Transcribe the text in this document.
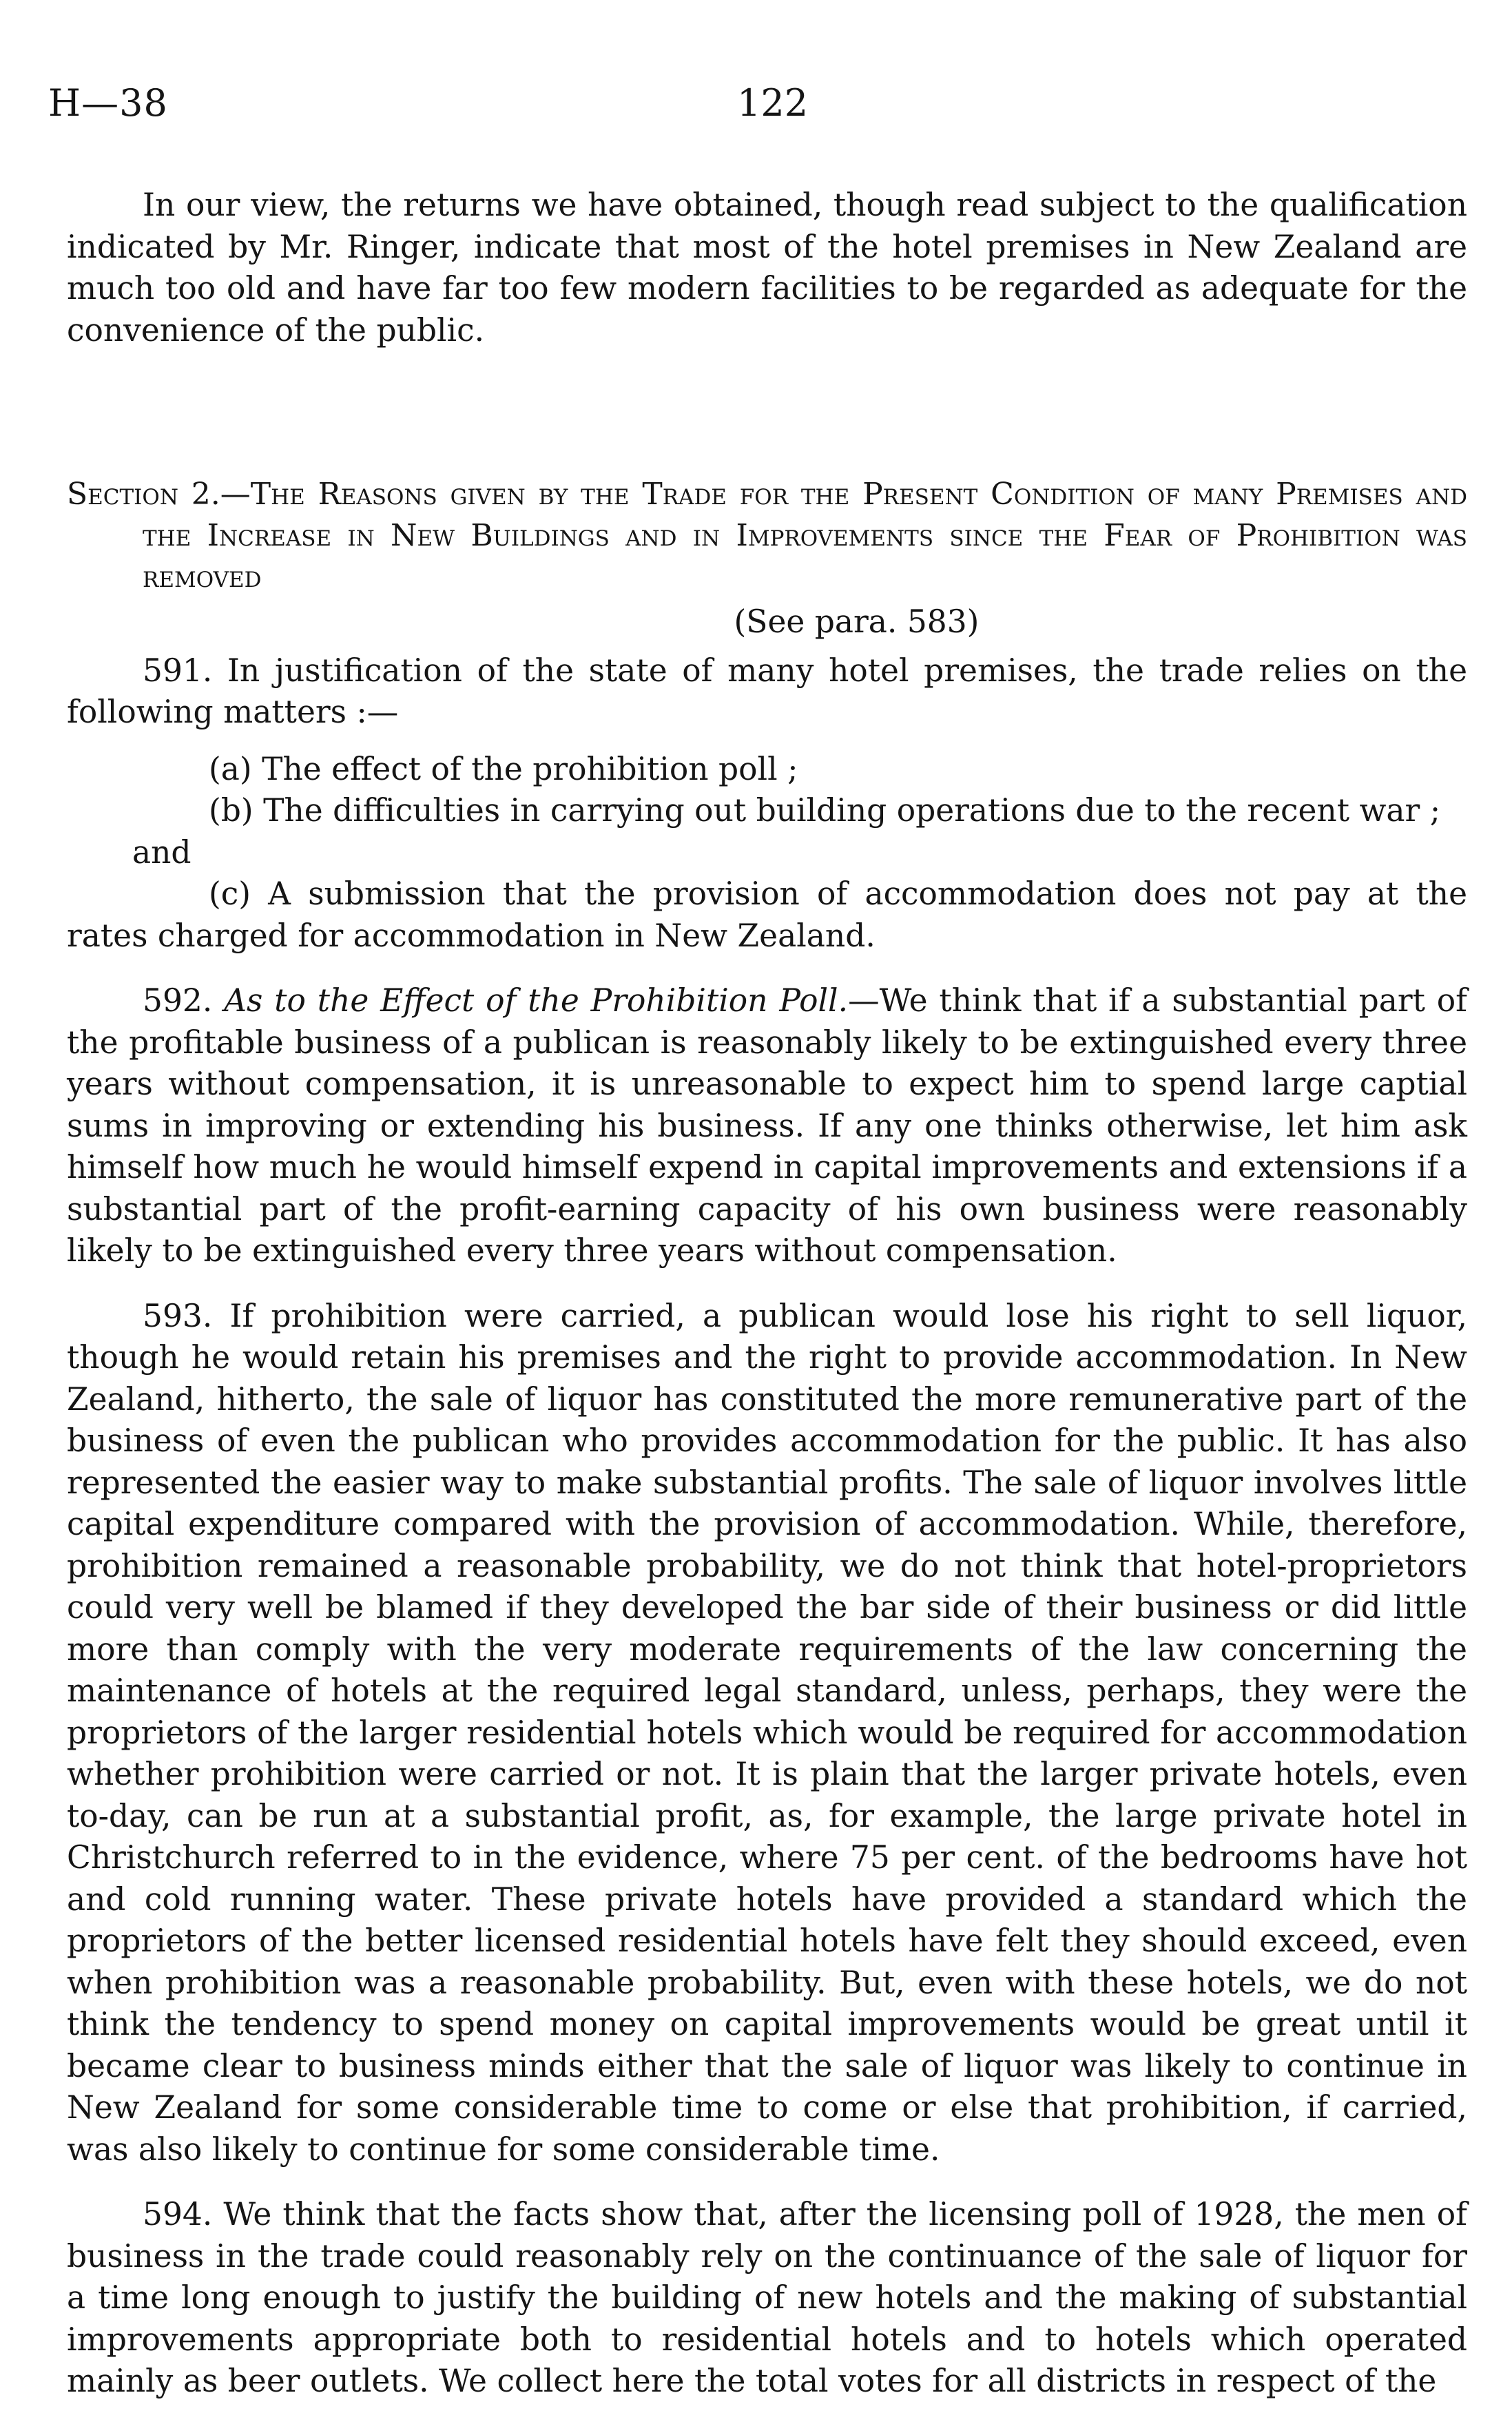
H—38	122

In our view, the returns we have obtained, though read subject to the qualification indicated by Mr. Ringer, indicate that most of the hotel premises in New Zealand are much too old and have far too few modern facilities to be regarded as adequate for the convenience of the public.

Section 2.—The Reasons given by the Trade for the Present Condition of many Premises and the Increase in New Buildings and in Improvements since the Fear of Prohibition was removed

(See para. 583)

591. In justification of the state of many hotel premises, the trade relies on the following matters :—

(a) The effect of the prohibition poll ;

(b) The difficulties in carrying out building operations due to the recent war ;

and

(c) A submission that the provision of accommodation does not pay at the rates charged for accommodation in New Zealand.

592. As to the Effect of the Prohibition Poll.—We think that if a substantial part of the profitable business of a publican is reasonably likely to be extinguished every three years without compensation, it is unreasonable to expect him to spend large captial sums in improving or extending his business. If any one thinks otherwise, let him ask himself how much he would himself expend in capital improvements and extensions if a substantial part of the profit-earning capacity of his own business were reasonably likely to be extinguished every three years without compensation.

593. If prohibition were carried, a publican would lose his right to sell liquor, though he would retain his premises and the right to provide accommodation. In New Zealand, hitherto, the sale of liquor has constituted the more remunerative part of the business of even the publican who provides accommodation for the public. It has also represented the easier way to make substantial profits. The sale of liquor involves little capital expenditure compared with the provision of accommodation. While, therefore, prohibition remained a reasonable probability, we do not think that hotel-proprietors could very well be blamed if they developed the bar side of their business or did little more than comply with the very moderate requirements of the law concerning the maintenance of hotels at the required legal standard, unless, perhaps, they were the proprietors of the larger residential hotels which would be required for accommodation whether prohibition were carried or not. It is plain that the larger private hotels, even to-day, can be run at a substantial profit, as, for example, the large private hotel in Christchurch referred to in the evidence, where 75 per cent. of the bedrooms have hot and cold running water. These private hotels have provided a standard which the proprietors of the better licensed residential hotels have felt they should exceed, even when prohibition was a reasonable probability. But, even with these hotels, we do not think the tendency to spend money on capital improvements would be great until it became clear to business minds either that the sale of liquor was likely to continue in New Zealand for some considerable time to come or else that prohibition, if carried, was also likely to continue for some considerable time.

594. We think that the facts show that, after the licensing poll of 1928, the men of business in the trade could reasonably rely on the continuance of the sale of liquor for a time long enough to justify the building of new hotels and the making of substantial improvements appropriate both to residential hotels and to hotels which operated mainly as beer outlets. We collect here the total votes for all districts in respect of the
